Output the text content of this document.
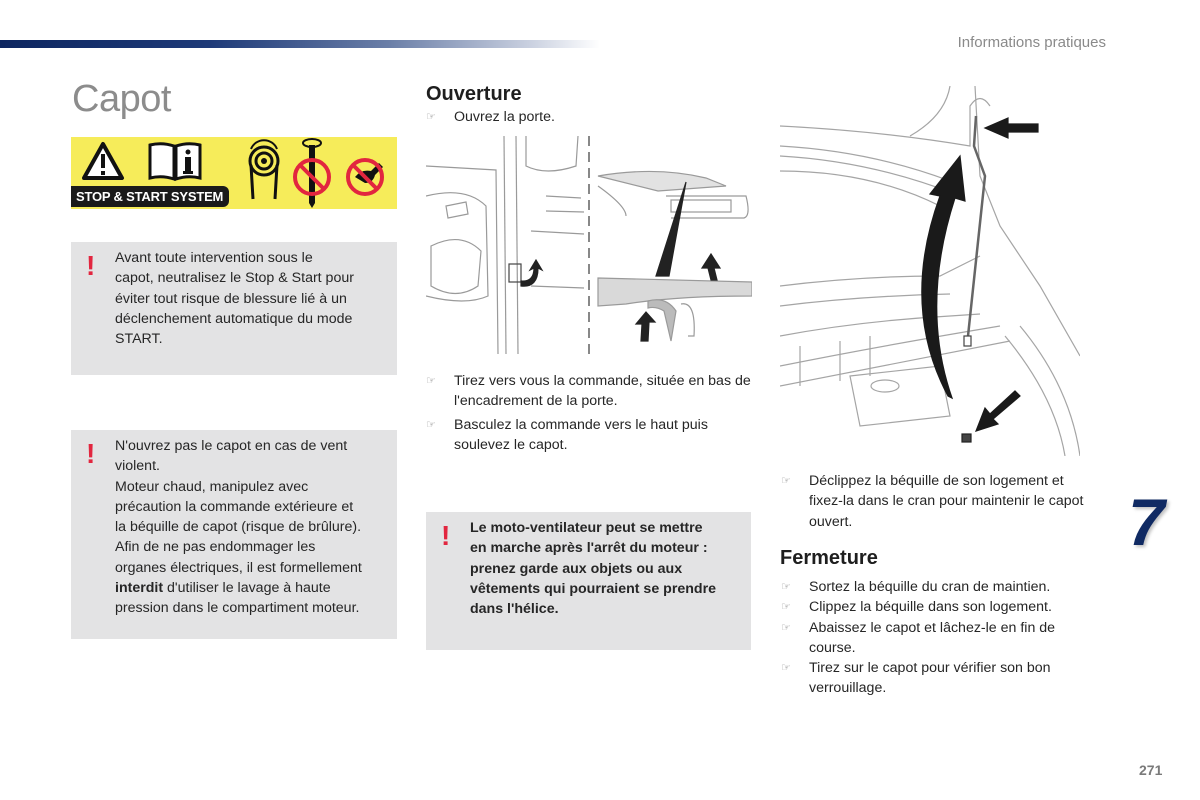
Informations pratiques
Capot
STOP & START SYSTEM
! Avant toute intervention sous le
capot, neutralisez le Stop & Start pour
éviter tout risque de blessure lié à un
déclenchement automatique du mode
START.
! N'ouvrez pas le capot en cas de vent
violent.
Moteur chaud, manipulez avec
précaution la commande extérieure et
la béquille de capot (risque de brûlure).
Afin de ne pas endommager les
organes électriques, il est formellement
interdit d'utiliser le lavage à haute
pression dans le compartiment moteur.
Ouverture
☞ Ouvrez la porte.
☞ Tirez vers vous la commande, située en bas de l'encadrement de la porte.
☞ Basculez la commande vers le haut puis soulevez le capot.
! Le moto-ventilateur peut se mettre
en marche après l'arrêt du moteur :
prenez garde aux objets ou aux
vêtements qui pourraient se prendre
dans l'hélice.
☞ Déclippez la béquille de son logement et fixez-la dans le cran pour maintenir le capot ouvert.
Fermeture
☞ Sortez la béquille du cran de maintien.
☞ Clippez la béquille dans son logement.
☞ Abaissez le capot et lâchez-le en fin de course.
☞ Tirez sur le capot pour vérifier son bon verrouillage.
7
271
